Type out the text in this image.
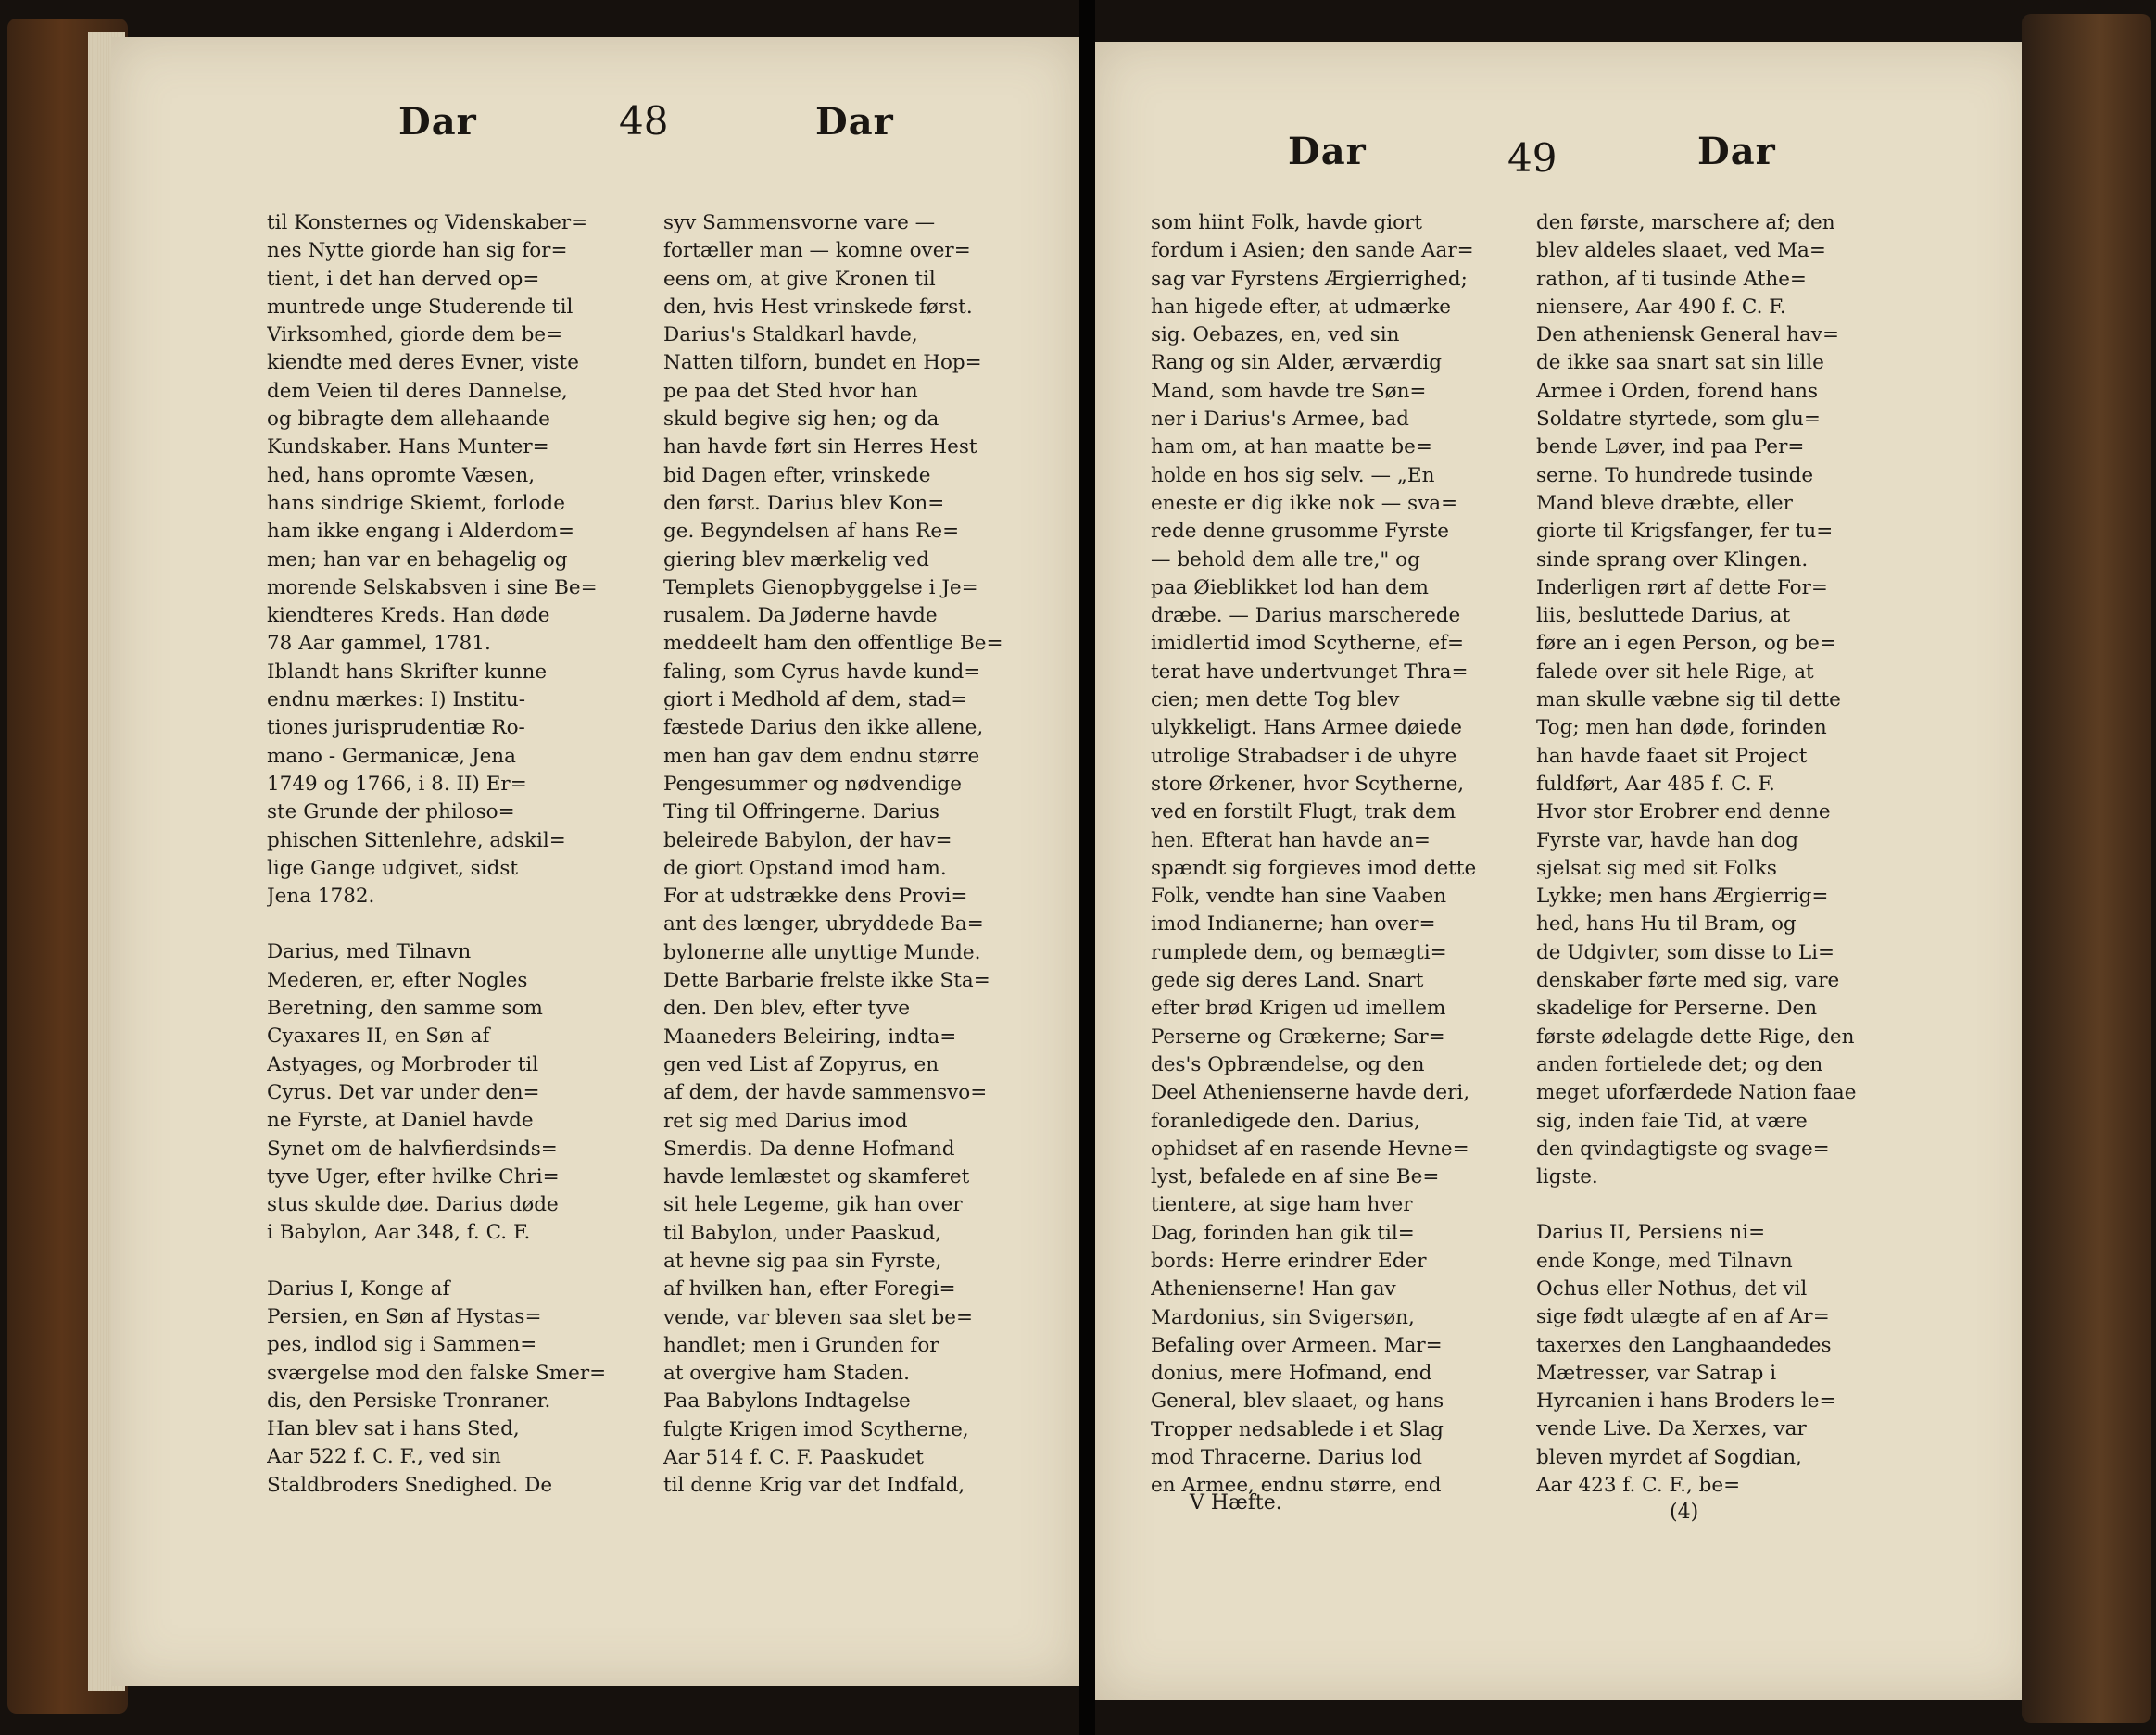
Dar	48	Dar
til Konsternes og Videnskaber=
nes Nytte giorde han sig for=
tient, i det han derved op=
muntrede unge Studerende til
Virksomhed, giorde dem be=
kiendte med deres Evner, viste
dem Veien til deres Dannelse,
og bibragte dem allehaande
Kundskaber. Hans Munter=
hed, hans opromte Væsen,
hans sindrige Skiemt, forlode
ham ikke engang i Alderdom=
men; han var en behagelig og
morende Selskabsven i sine Be=
kiendteres Kreds. Han døde
78 Aar gammel, 1781.
Iblandt hans Skrifter kunne
endnu mærkes: I) Institu-
tiones jurisprudentiæ Ro-
mano - Germanicæ, Jena
1749 og 1766, i 8. II) Er=
ste Grunde der philoso=
phischen Sittenlehre, adskil=
lige Gange udgivet, sidst
Jena 1782.
Darius, med Tilnavn
Mederen, er, efter Nogles
Beretning, den samme som
Cyaxares II, en Søn af
Astyages, og Morbroder til
Cyrus. Det var under den=
ne Fyrste, at Daniel havde
Synet om de halvfierdsinds=
tyve Uger, efter hvilke Chri=
stus skulde døe. Darius døde
i Babylon, Aar 348, f. C. F.
Darius I, Konge af
Persien, en Søn af Hystas=
pes, indlod sig i Sammen=
sværgelse mod den falske Smer=
dis, den Persiske Tronraner.
Han blev sat i hans Sted,
Aar 522 f. C. F., ved sin
Staldbroders Snedighed. De
syv Sammensvorne vare —
fortæller man — komne over=
eens om, at give Kronen til
den, hvis Hest vrinskede først.
Darius's Staldkarl havde,
Natten tilforn, bundet en Hop=
pe paa det Sted hvor han
skuld begive sig hen; og da
han havde ført sin Herres Hest
bid Dagen efter, vrinskede
den først. Darius blev Kon=
ge. Begyndelsen af hans Re=
giering blev mærkelig ved
Templets Gienopbyggelse i Je=
rusalem. Da Jøderne havde
meddeelt ham den offentlige Be=
faling, som Cyrus havde kund=
giort i Medhold af dem, stad=
fæstede Darius den ikke allene,
men han gav dem endnu større
Pengesummer og nødvendige
Ting til Offringerne. Darius
beleirede Babylon, der hav=
de giort Opstand imod ham.
For at udstrække dens Provi=
ant des længer, ubryddede Ba=
bylonerne alle unyttige Munde.
Dette Barbarie frelste ikke Sta=
den. Den blev, efter tyve
Maaneders Beleiring, indta=
gen ved List af Zopyrus, en
af dem, der havde sammensvo=
ret sig med Darius imod
Smerdis. Da denne Hofmand
havde lemlæstet og skamferet
sit hele Legeme, gik han over
til Babylon, under Paaskud,
at hevne sig paa sin Fyrste,
af hvilken han, efter Foregi=
vende, var bleven saa slet be=
handlet; men i Grunden for
at overgive ham Staden.
Paa Babylons Indtagelse
fulgte Krigen imod Scytherne,
Aar 514 f. C. F. Paaskudet
til denne Krig var det Indfald,
Dar	49	Dar
som hiint Folk, havde giort
fordum i Asien; den sande Aar=
sag var Fyrstens Ærgierrighed;
han higede efter, at udmærke
sig. Oebazes, en, ved sin
Rang og sin Alder, ærværdig
Mand, som havde tre Søn=
ner i Darius's Armee, bad
ham om, at han maatte be=
holde en hos sig selv. — „En
eneste er dig ikke nok — sva=
rede denne grusomme Fyrste
— behold dem alle tre," og
paa Øieblikket lod han dem
dræbe. — Darius marscherede
imidlertid imod Scytherne, ef=
terat have undertvunget Thra=
cien; men dette Tog blev
ulykkeligt. Hans Armee døiede
utrolige Strabadser i de uhyre
store Ørkener, hvor Scytherne,
ved en forstilt Flugt, trak dem
hen. Efterat han havde an=
spændt sig forgieves imod dette
Folk, vendte han sine Vaaben
imod Indianerne; han over=
rumplede dem, og bemægti=
gede sig deres Land. Snart
efter brød Krigen ud imellem
Perserne og Grækerne; Sar=
des's Opbrændelse, og den
Deel Athenienserne havde deri,
foranledigede den. Darius,
ophidset af en rasende Hevne=
lyst, befalede en af sine Be=
tientere, at sige ham hver
Dag, forinden han gik til=
bords: Herre erindrer Eder
Athenienserne! Han gav
Mardonius, sin Svigersøn,
Befaling over Armeen. Mar=
donius, mere Hofmand, end
General, blev slaaet, og hans
Tropper nedsablede i et Slag
mod Thracerne. Darius lod
en Armee, endnu større, end
den første, marschere af; den
blev aldeles slaaet, ved Ma=
rathon, af ti tusinde Athe=
nienserе, Aar 490 f. C. F.
Den atheniensk General hav=
de ikke saa snart sat sin lille
Armee i Orden, forend hans
Soldatre styrtede, som glu=
bende Løver, ind paa Per=
serne. To hundrede tusinde
Mand bleve dræbte, eller
giorte til Krigsfanger, fer tu=
sinde sprang over Klingen.
Inderligen rørt af dette For=
liis, besluttede Darius, at
føre an i egen Person, og be=
falede over sit hele Rige, at
man skulle væbne sig til dette
Tog; men han døde, forinden
han havde faaet sit Project
fuldført, Aar 485 f. C. F.
Hvor stor Erobrer end denne
Fyrste var, havde han dog
sjelsat sig med sit Folks
Lykke; men hans Ærgierrig=
hed, hans Hu til Bram, og
de Udgivter, som disse to Li=
denskaber førte med sig, vare
skadelige for Perserne. Den
første ødelagde dette Rige, den
anden fortielede det; og den
meget uforfærdede Nation faae
sig, inden faie Tid, at være
den qvindagtigste og svage=
ligste.
Darius II, Persiens ni=
ende Konge, med Tilnavn
Ochus eller Nothus, det vil
sige født ulægte af en af Ar=
taxerxes den Langhaandedes
Mætresser, var Satrap i
Hyrcanien i hans Broders le=
vende Live. Da Xerxes, var
bleven myrdet af Sogdian,
Aar 423 f. C. F., be=
V Hæfte.	(4)
